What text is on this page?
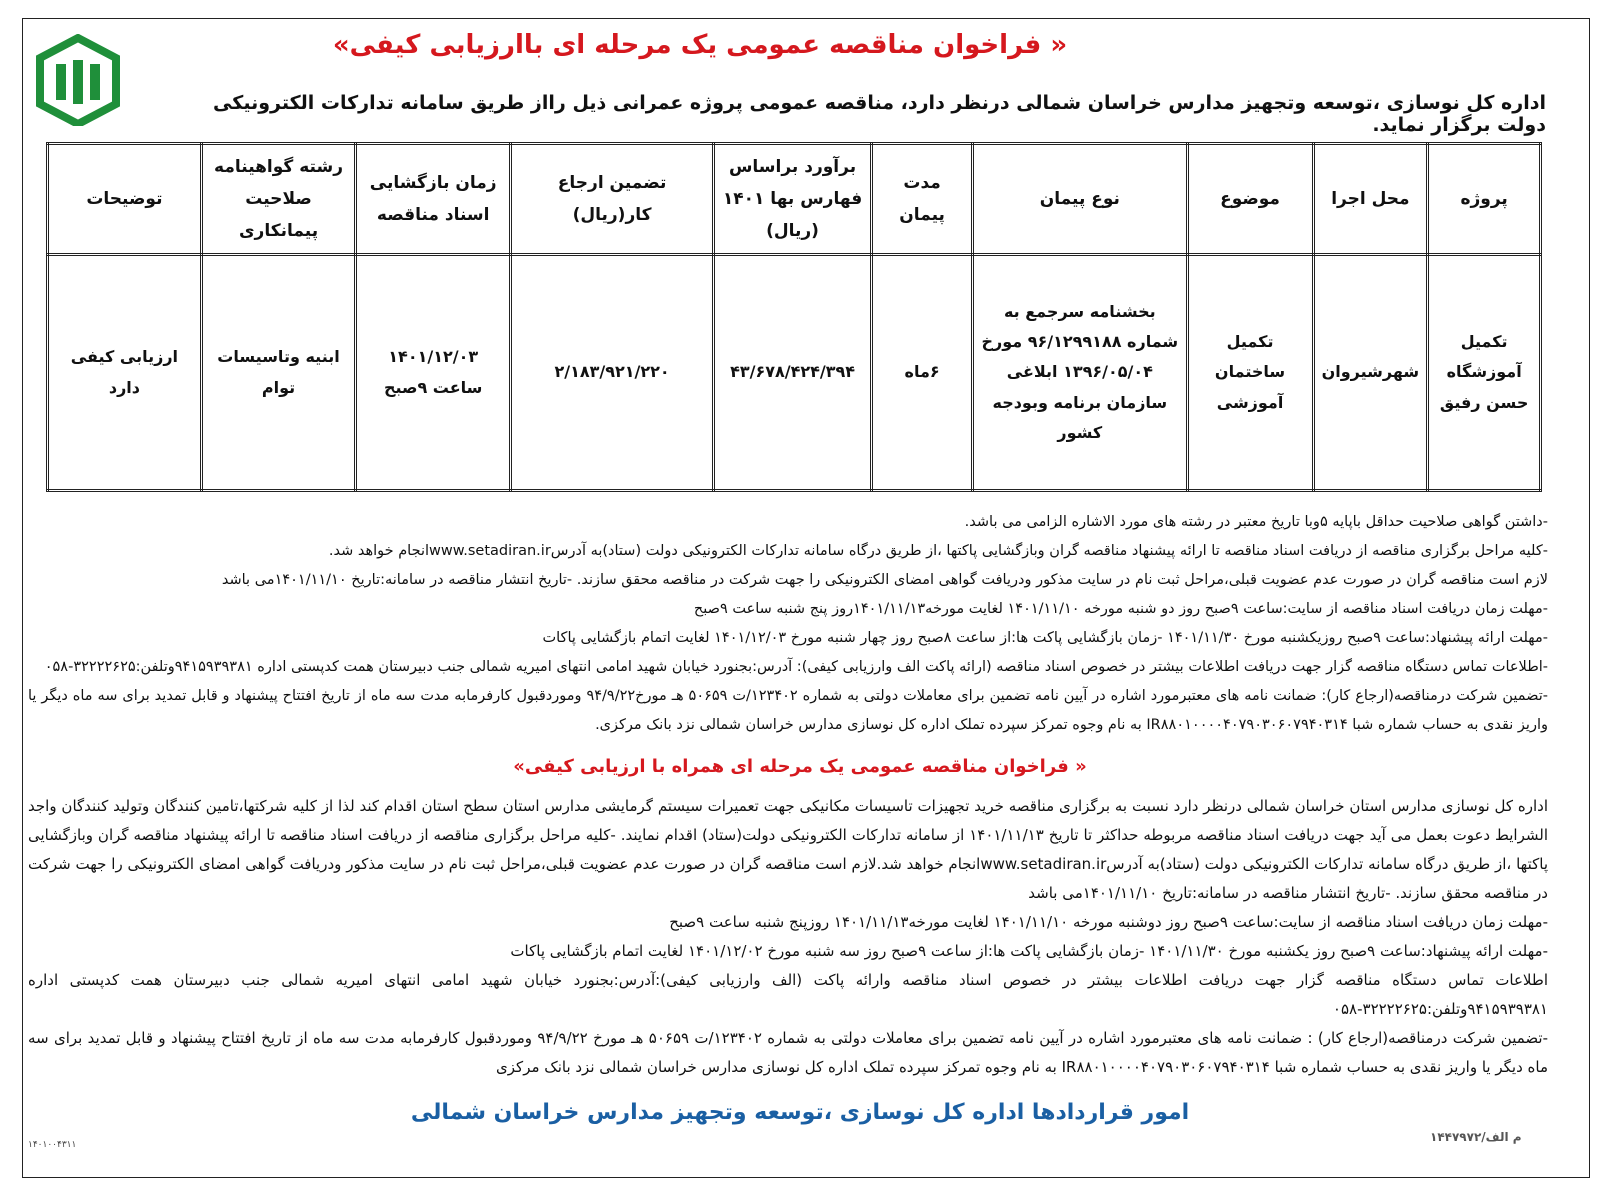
« فراخوان مناقصه عمومی یک مرحله ای باارزیابی کیفی»
اداره کل نوسازی ،توسعه وتجهیز مدارس خراسان شمالی درنظر دارد، مناقصه عمومی پروژه عمرانی ذیل رااز طریق سامانه تدارکات الکترونیکی دولت برگزار نماید.
پروژه	محل اجرا	موضوع	نوع پیمان	مدت پیمان	برآورد براساس فهارس بها ۱۴۰۱ (ریال)	تضمین ارجاع کار(ریال)	زمان بازگشایی اسناد مناقصه	رشته گواهینامه صلاحیت پیمانکاری	توضیحات
تکمیل آموزشگاه حسن رفیق	شهرشیروان	تکمیل ساختمان آموزشی	بخشنامه سرجمع به شماره ۹۶/۱۲۹۹۱۸۸ مورخ ۱۳۹۶/۰۵/۰۴ ابلاغی سازمان برنامه وبودجه کشور	۶ماه	۴۳/۶۷۸/۴۲۴/۳۹۴	۲/۱۸۳/۹۲۱/۲۲۰	۱۴۰۱/۱۲/۰۳ ساعت ۹صبح	ابنیه وتاسیسات توام	ارزیابی کیفی دارد

-داشتن گواهی صلاحیت حداقل باپایه ۵وبا تاریخ معتبر در رشته های مورد الاشاره الزامی می باشد.

-کلیه مراحل برگزاری مناقصه از دریافت اسناد مناقصه تا ارائه پیشنهاد مناقصه گران وبازگشایی پاکتها ،از طریق درگاه سامانه تدارکات الکترونیکی دولت (ستاد)به آدرسwww.setadiran.irانجام خواهد شد.

لازم است مناقصه گران در صورت عدم عضویت قبلی،مراحل ثبت نام در سایت مذکور ودریافت گواهی امضای الکترونیکی را جهت شرکت در مناقصه محقق سازند. -تاریخ انتشار مناقصه در سامانه:تاریخ ۱۴۰۱/۱۱/۱۰می باشد

-مهلت زمان دریافت اسناد مناقصه از سایت:ساعت ۹صبح روز دو شنبه مورخه ۱۴۰۱/۱۱/۱۰ لغایت مورخه۱۴۰۱/۱۱/۱۳روز پنج شنبه ساعت ۹صبح

-مهلت ارائه پیشنهاد:ساعت ۹صبح روزیکشنبه مورخ ۱۴۰۱/۱۱/۳۰ -زمان بازگشایی پاکت ها:از ساعت ۸صبح روز چهار شنبه مورخ ۱۴۰۱/۱۲/۰۳ لغایت اتمام بازگشایی پاکات

-اطلاعات تماس دستگاه مناقصه گزار جهت دریافت اطلاعات بیشتر در خصوص اسناد مناقصه (ارائه پاکت الف وارزیابی کیفی): آدرس:بجنورد خیابان شهید امامی انتهای امیریه شمالی جنب دبیرستان همت کدپستی اداره ۹۴۱۵۹۳۹۳۸۱وتلفن:۳۲۲۲۲۶۲۵-۰۵۸

-تضمین شرکت درمناقصه(ارجاع کار): ضمانت نامه های معتبرمورد اشاره در آیین نامه تضمین برای معاملات دولتی به شماره ۱۲۳۴۰۲/ت ۵۰۶۵۹ هـ مورخ۹۴/۹/۲۲ وموردقبول کارفرمابه مدت سه ماه از تاریخ افتتاح پیشنهاد و قابل تمدید برای سه ماه دیگر یا واریز نقدی به حساب شماره شبا IR۸۸۰۱۰۰۰۰۴۰۷۹۰۳۰۶۰۷۹۴۰۳۱۴ به نام وجوه تمرکز سپرده تملک اداره کل نوسازی مدارس خراسان شمالی نزد بانک مرکزی.

« فراخوان مناقصه عمومی یک مرحله ای همراه با ارزیابی کیفی»

اداره کل نوسازی مدارس استان خراسان شمالی درنظر دارد نسبت به برگزاری مناقصه خرید تجهیزات تاسیسات مکانیکی جهت تعمیرات سیستم گرمایشی مدارس استان سطح استان اقدام کند لذا از کلیه شرکتها،تامین کنندگان وتولید کنندگان واجد الشرایط دعوت بعمل می آید جهت دریافت اسناد مناقصه مربوطه حداکثر تا تاریخ ۱۴۰۱/۱۱/۱۳ از سامانه تدارکات الکترونیکی دولت(ستاد) اقدام نمایند. -کلیه مراحل برگزاری مناقصه از دریافت اسناد مناقصه تا ارائه پیشنهاد مناقصه گران وبازگشایی پاکتها ،از طریق درگاه سامانه تدارکات الکترونیکی دولت (ستاد)به آدرسwww.setadiran.irانجام خواهد شد.لازم است مناقصه گران در صورت عدم عضویت قبلی،مراحل ثبت نام در سایت مذکور ودریافت گواهی امضای الکترونیکی را جهت شرکت در مناقصه محقق سازند. -تاریخ انتشار مناقصه در سامانه:تاریخ ۱۴۰۱/۱۱/۱۰می باشد

-مهلت زمان دریافت اسناد مناقصه از سایت:ساعت ۹صبح روز دوشنبه مورخه ۱۴۰۱/۱۱/۱۰ لغایت مورخه۱۴۰۱/۱۱/۱۳ روزپنج شنبه ساعت ۹صبح

-مهلت ارائه پیشنهاد:ساعت ۹صبح روز یکشنبه مورخ ۱۴۰۱/۱۱/۳۰ -زمان بازگشایی پاکت ها:از ساعت ۹صبح روز سه شنبه مورخ ۱۴۰۱/۱۲/۰۲ لغایت اتمام بازگشایی پاکات

اطلاعات تماس دستگاه مناقصه گزار جهت دریافت اطلاعات بیشتر در خصوص اسناد مناقصه وارائه پاکت (الف وارزیابی کیفی):آدرس:بجنورد خیابان شهید امامی انتهای امیریه شمالی جنب دبیرستان همت کدپستی اداره ۹۴۱۵۹۳۹۳۸۱وتلفن:۳۲۲۲۲۶۲۵-۰۵۸

-تضمین شرکت درمناقصه(ارجاع کار) : ضمانت نامه های معتبرمورد اشاره در آیین نامه تضمین برای معاملات دولتی به شماره ۱۲۳۴۰۲/ت ۵۰۶۵۹ هـ مورخ ۹۴/۹/۲۲ وموردقبول کارفرمابه مدت سه ماه از تاریخ افتتاح پیشنهاد و قابل تمدید برای سه ماه دیگر یا واریز نقدی به حساب شماره شبا IR۸۸۰۱۰۰۰۰۴۰۷۹۰۳۰۶۰۷۹۴۰۳۱۴ به نام وجوه تمرکز سپرده تملک اداره کل نوسازی مدارس خراسان شمالی نزد بانک مرکزی

امور قراردادها اداره کل نوسازی ،توسعه وتجهیز مدارس خراسان شمالی
م الف/۱۴۴۷۹۷۲
۱۴۰۱۰۰۴۳۱۱
